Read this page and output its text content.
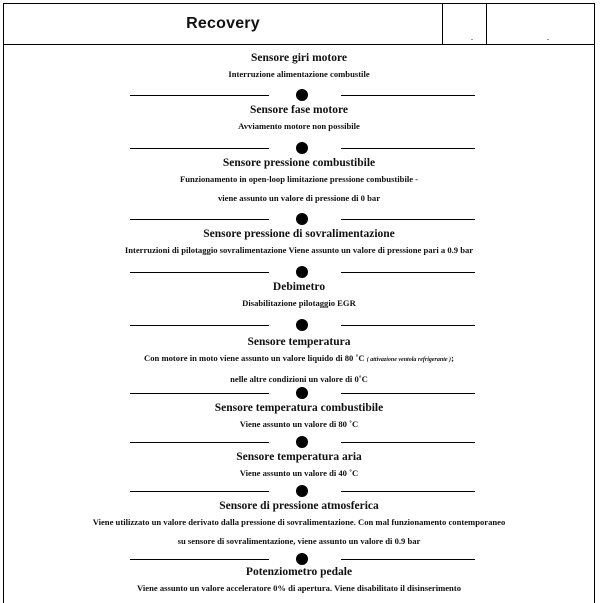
Recovery
Sensore giri motore
Interruzione alimentazione combustile
Sensore fase motore
Avviamento motore non possibile
Sensore pressione combustibile
Funzionamento in open-loop limitazione pressione combustibile -
viene assunto un valore di pressione di 0 bar
Sensore pressione di sovralimentazione
Interruzioni di pilotaggio sovralimentazione Viene assunto un valore di pressione pari a 0.9 bar
Debimetro
Disabilitazione pilotaggio EGR
Sensore temperatura
Con motore in moto viene assunto un valore liquido di 80 ˚C ( attivazione ventola refrigerante );
nelle altre condizioni un valore di 0˚C
Sensore temperatura combustibile
Viene assunto un valore di 80 ˚C
Sensore temperatura aria
Viene assunto un valore di 40 ˚C
Sensore di pressione atmosferica
Viene utilizzato un valore derivato dalla pressione di sovralimentazione. Con mal funzionamento contemporaneo
su sensore di sovralimentazione, viene assunto un valore di 0.9 bar
Potenziometro pedale
Viene assunto un valore acceleratore 0% di apertura. Viene disabilitato il disinserimento
